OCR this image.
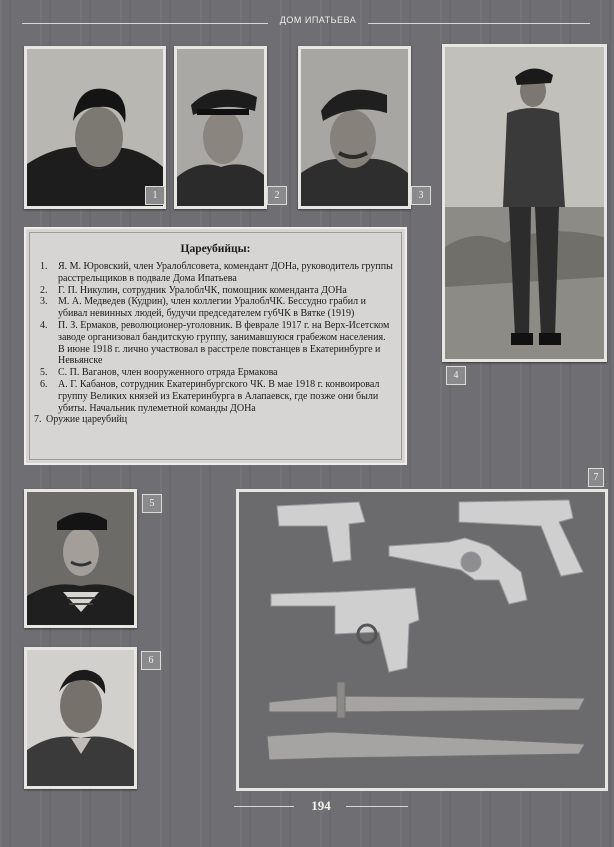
ДОМ ИПАТЬЕВА
1	2	3
4
Цареубийцы:
1.	Я. М. Юровский, член Уралоблсовета, комендант ДОНа, руководитель группы расстрельщиков в подвале Дома Ипатьева
2.	Г. П. Никулин, сотрудник УралоблЧК, помощник коменданта ДОНа
3.	М. А. Медведев (Кудрин), член коллегии УралоблЧК. Бессудно грабил и убивал невинных людей, будучи председателем губЧК в Вятке (1919)
4.	П. З. Ермаков, революционер-уголовник. В феврале 1917 г. на Верх-Исетском заводе организовал бандитскую группу, занимавшуюся грабежом населения. В июне 1918 г. лично участвовал в расстреле повстанцев в Екатеринбурге и Невьянске
5.	С. П. Ваганов, член вооруженного отряда Ермакова
6.	А. Г. Кабанов, сотрудник Екатеринбургского ЧК. В мае 1918 г. конвоировал группу Великих князей из Екатеринбурга в Алапаевск, где позже они были убиты. Начальник пулеметной команды ДОНа
7. Оружие цареубийц
5
6
7
194
